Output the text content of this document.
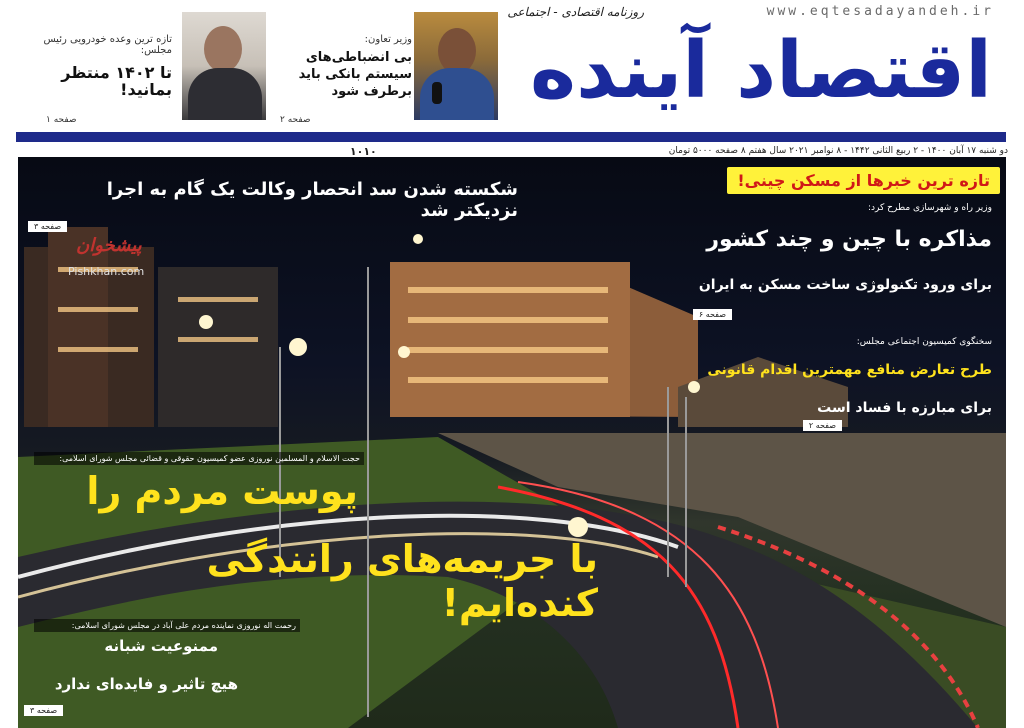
www.eqtesadayandeh.ir
روزنامه اقتصادی - اجتماعی
اقتصاد آینده
وزیر تعاون:
بی انضباطی‌های سیستم بانکی باید برطرف شود
صفحه ۲
تازه ترین وعده خودرویی رئیس مجلس:
تا ۱۴۰۲ منتظر بمانید!
صفحه ۱
دو شنبه ۱۷ آبان ۱۴۰۰ - ۲ ربیع الثانی ۱۴۴۲ - ۸ نوامبر ۲۰۲۱ سال هفتم ۸ صفحه ۵۰۰۰ تومان
۱۰۱۰
شکسته شدن سد انحصار وکالت یک گام به اجرا نزدیکتر شد
صفحه ۳
پیشخوان
Pishkhan.com
تازه ترین خبرها از مسکن چینی!
وزیر راه و شهرسازی مطرح کرد:
مذاکره با چین و چند کشور
برای ورود تکنولوژی ساخت مسکن به ایران
صفحه ۶
سخنگوی کمیسیون اجتماعی مجلس:
طرح تعارض منافع مهمترین اقدام قانونی
برای مبارزه با فساد است
صفحه ۲
حجت الاسلام و المسلمین نوروزی عضو کمیسیون حقوقی و قضائی مجلس شورای اسلامی:
پوست مردم را
با جریمه‌های رانندگی کنده‌ایم!
رحمت اله نوروزی نماینده مردم علی آباد در مجلس شورای اسلامی:
ممنوعیت شبانه
هیچ تاثیر و فایده‌ای ندارد
صفحه ۳
